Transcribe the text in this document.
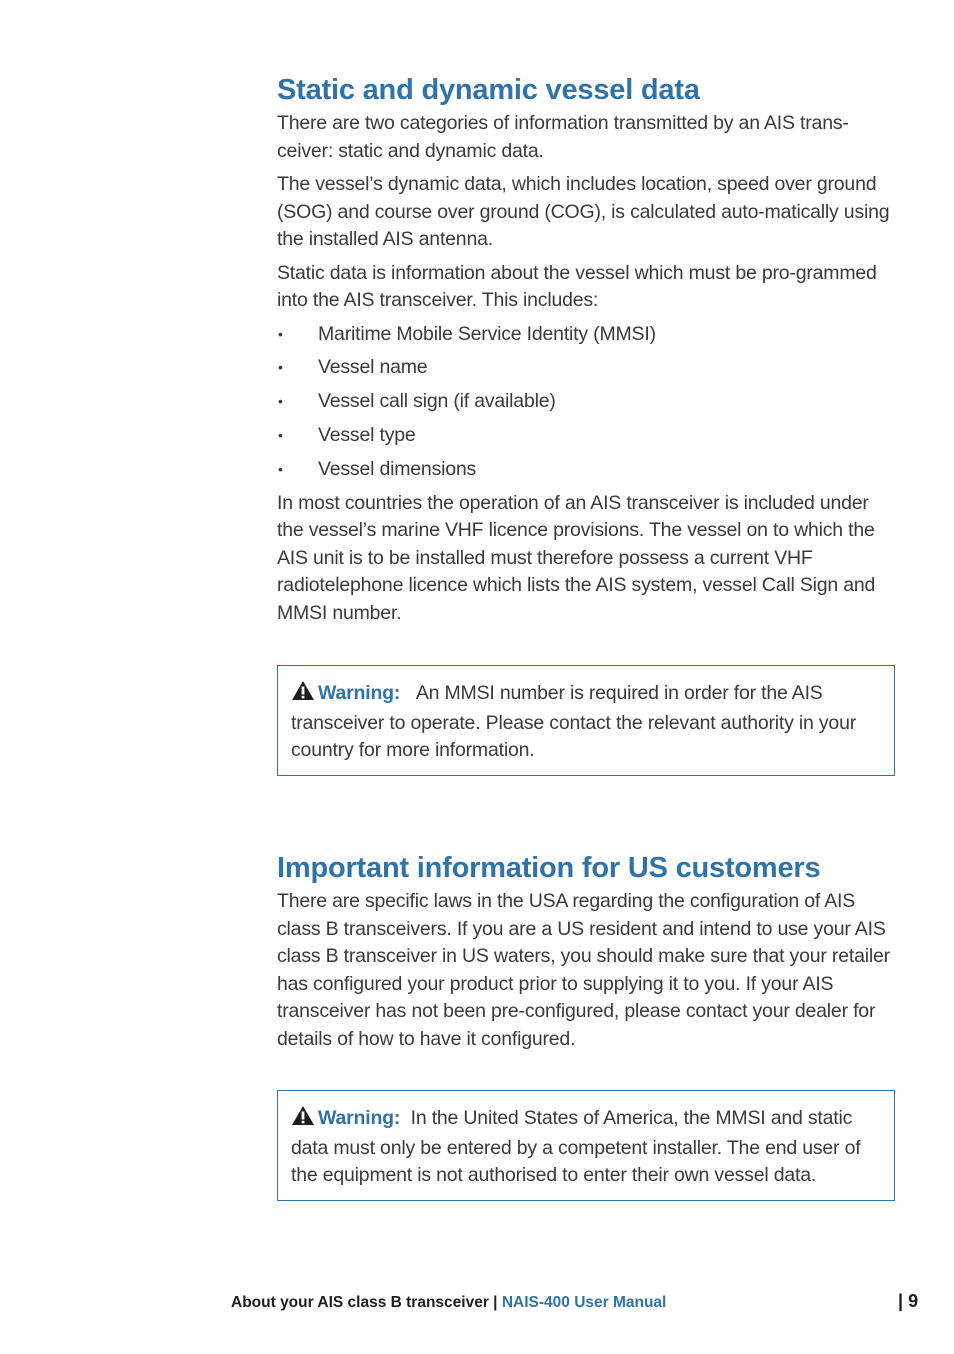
Static and dynamic vessel data

There are two categories of information transmitted by an AIS trans-ceiver: static and dynamic data.

The vessel’s dynamic data, which includes location, speed over ground (SOG) and course over ground (COG), is calculated auto-matically using the installed AIS antenna.

Static data is information about the vessel which must be pro-grammed into the AIS transceiver. This includes:

• Maritime Mobile Service Identity (MMSI)
• Vessel name
• Vessel call sign (if available)
• Vessel type
• Vessel dimensions

In most countries the operation of an AIS transceiver is included under the vessel’s marine VHF licence provisions. The vessel on to which the AIS unit is to be installed must therefore possess a current VHF radiotelephone licence which lists the AIS system, vessel Call Sign and MMSI number.

Warning: An MMSI number is required in order for the AIS transceiver to operate. Please contact the relevant authority in your country for more information.
Important information for US customers

There are specific laws in the USA regarding the configuration of AIS class B transceivers. If you are a US resident and intend to use your AIS class B transceiver in US waters, you should make sure that your retailer has configured your product prior to supplying it to you. If your AIS transceiver has not been pre-configured, please contact your dealer for details of how to have it configured.

Warning: In the United States of America, the MMSI and static data must only be entered by a competent installer. The end user of the equipment is not authorised to enter their own vessel data.
About your AIS class B transceiver | NAIS-400 User Manual	| 9
